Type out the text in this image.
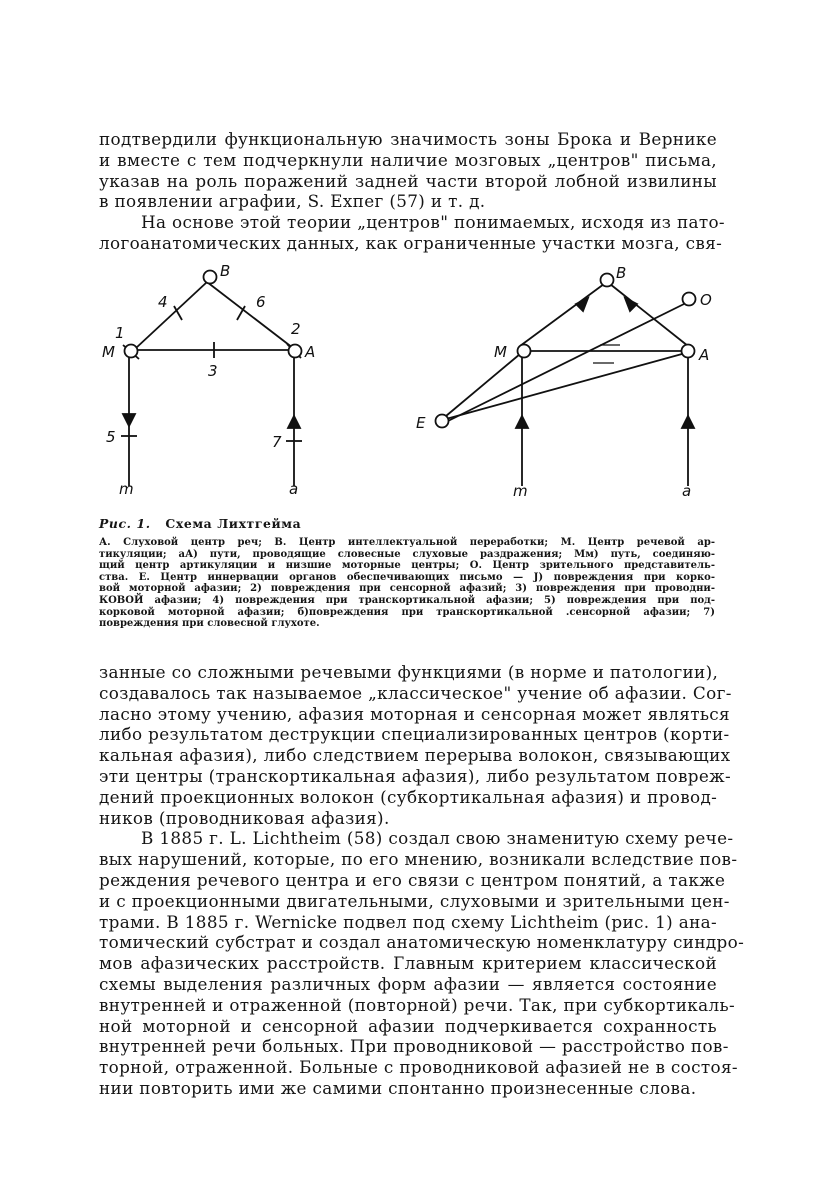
подтвердили функциональную значимость зоны Брока и Вернике
и вместе с тем подчеркнули наличие мозговых „центров" письма,
указав на роль поражений задней части второй лобной извилины
в появлении аграфии, S. Exпег (57) и т. д.
На основе этой теории „центров" понимаемых, исходя из пато-
логоанатомических данных, как ограниченные участки мозга, свя-
B
M	A
1	2
3
4
5
6
7
m	a
B
O
M	A
E
m	a

Рис. 1. Схема Лихтгейма

А. Слуховой центр реч; В. Центр интеллектуальной переработки; М. Центр речевой ар-
тикуляции; аА) пути, проводящие словесные слуховые раздражения; Мм) путь, соединяю-
щий центр артикуляции и низшие моторные центры; О. Центр зрительного представитель-
ства. Е. Центр иннервации органов обеспечивающих письмо — J) повреждения при корко-
вой моторной афазии; 2) повреждения при сенсорной афазий; 3) повреждения при проводни-
КОВОЙ афазии; 4) повреждения при транскортикальной афазии; 5) повреждения при под-
корковой моторной афазии; б)повреждения при транскортикальной .сенсорной афазии; 7)
повреждения при словесной глухоте.

занные со сложными речевыми функциями (в норме и патологии),
создавалось так называемое „классическое" учение об афазии. Сог-
ласно этому учению, афазия моторная и сенсорная может являться
либо результатом деструкции специализированных центров (корти-
кальная афазия), либо следствием перерыва волокон, связывающих
эти центры (транскортикальная афазия), либо результатом повреж-
дений проекционных волокон (субкортикальная афазия) и провод-
ников (проводниковая афазия).
В 1885 г. L. Lichtheim (58) создал свою знаменитую схему рече-
вых нарушений, которые, по его мнению, возникали вследствие пов-
реждения речевого центра и его связи с центром понятий, а также
и с проекционными двигательными, слуховыми и зрительными цен-
трами. В 1885 г. Wernicke подвел под схему Lichtheim (рис. 1) ана-
томический субстрат и создал анатомическую номенклатуру синдро-
мов афазических расстройств. Главным критерием классической
схемы выделения различных форм афазии — является состояние
внутренней и отраженной (повторной) речи. Так, при субкортикаль-
ной моторной и сенсорной афазии подчеркивается сохранность
внутренней речи больных. При проводниковой — расстройство пов-
торной, отраженной. Больные с проводниковой афазией не в состоя-
нии повторить ими же самими спонтанно произнесенные слова.
